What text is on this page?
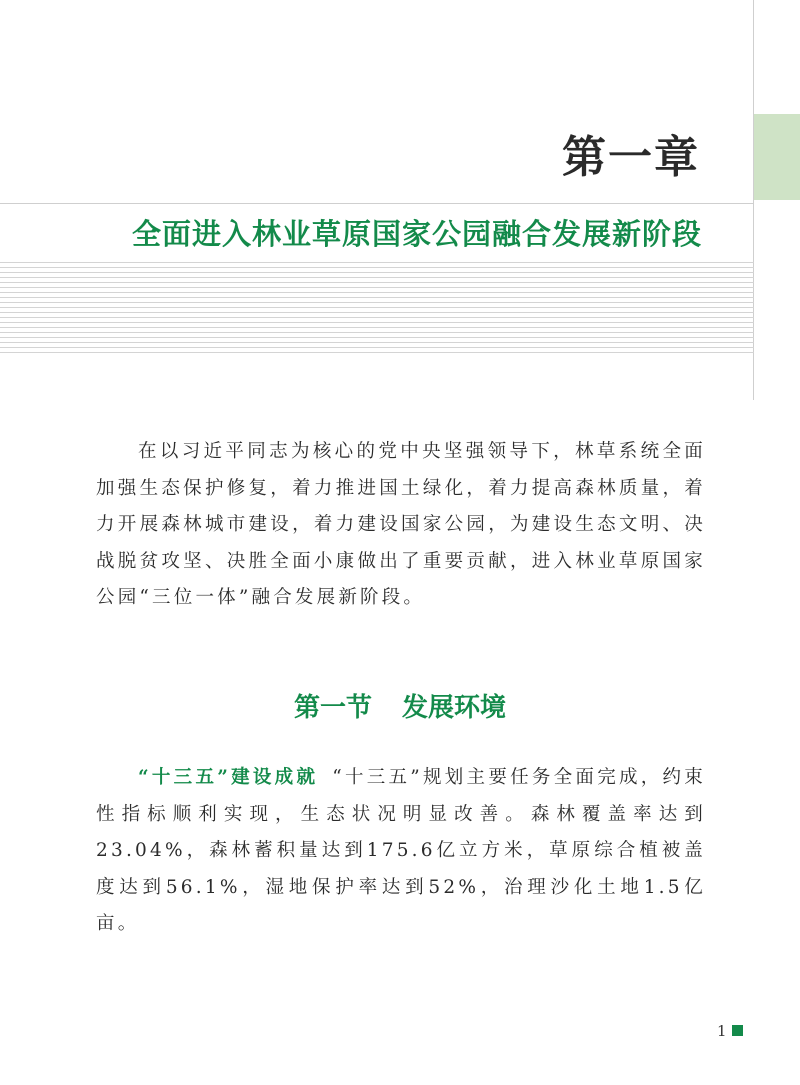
第一章
全面进入林业草原国家公园融合发展新阶段

在以习近平同志为核心的党中央坚强领导下，林草系统全面加强生态保护修复，着力推进国土绿化，着力提高森林质量，着力开展森林城市建设，着力建设国家公园，为建设生态文明、决战脱贫攻坚、决胜全面小康做出了重要贡献，进入林业草原国家公园“三位一体”融合发展新阶段。

第一节 发展环境

“十三五”建设成就 “十三五”规划主要任务全面完成，约束性指标顺利实现，生态状况明显改善。森林覆盖率达到23.04%，森林蓄积量达到175.6亿立方米，草原综合植被盖度达到56.1%，湿地保护率达到52%，治理沙化土地1.5亿亩。

1
